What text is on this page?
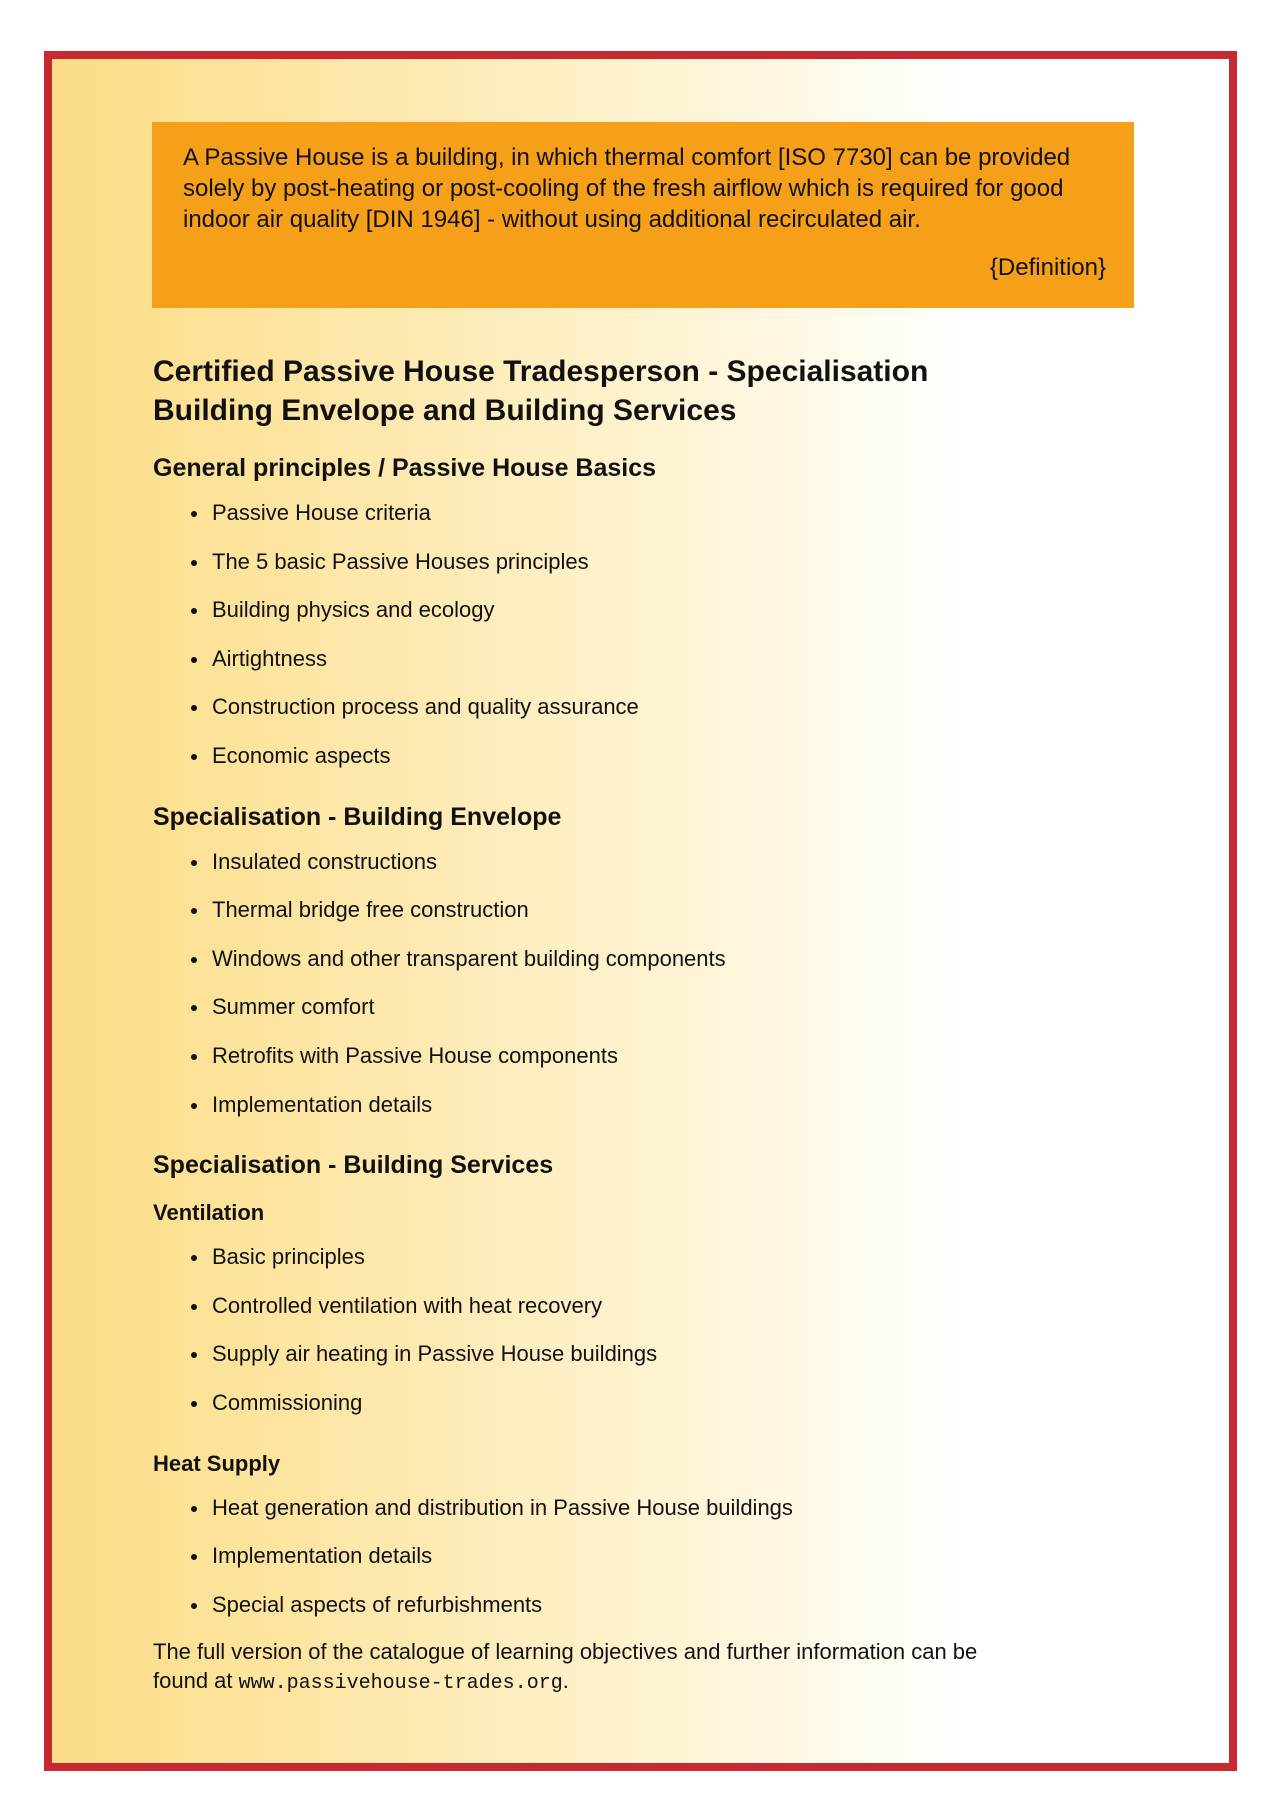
A Passive House is a building, in which thermal comfort [ISO 7730] can be provided solely by post-heating or post-cooling of the fresh airflow which is required for good indoor air quality [DIN 1946] - without using additional recirculated air.

{Definition}
Certified Passive House Tradesperson - Specialisation
Building Envelope and Building Services
General principles / Passive House Basics
Passive House criteria
The 5 basic Passive Houses principles
Building physics and ecology
Airtightness
Construction process and quality assurance
Economic aspects
Specialisation - Building Envelope
Insulated constructions
Thermal bridge free construction
Windows and other transparent building components
Summer comfort
Retrofits with Passive House components
Implementation details
Specialisation - Building Services
Ventilation
Basic principles
Controlled ventilation with heat recovery
Supply air heating in Passive House buildings
Commissioning
Heat Supply
Heat generation and distribution in Passive House buildings
Implementation details
Special aspects of refurbishments

The full version of the catalogue of learning objectives and further information can be
found at www.passivehouse-trades.org.
